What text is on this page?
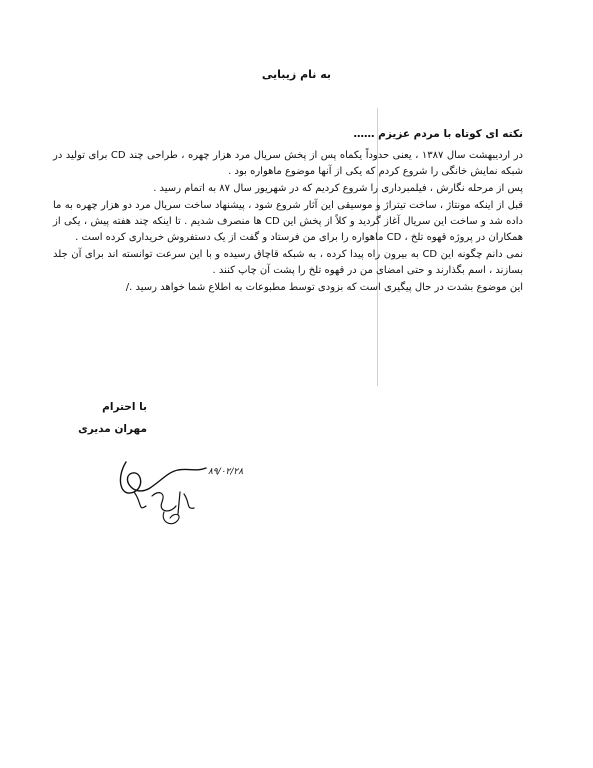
به نام زیبایی
نکته ای کوتاه با مردم عزیزم ……

در اردیبهشت سال ۱۳۸۷ ، یعنی حدوداً یکماه پس از پخش سریال مرد هزار چهره ، طراحی چند CD برای تولید در شبکه نمایش خانگی را شروع کردم که یکی از آنها موضوع ماهواره بود .

پس از مرحله نگارش ، فیلمبرداری را شروع کردیم که در شهریور سال ۸۷ به اتمام رسید .

قبل از اینکه مونتاژ ، ساخت تیتراژ و موسیقی این آثار شروع شود ، پیشنهاد ساخت سریال مرد دو هزار چهره به ما داده شد و ساخت این سریال آغاز گردید و کلاً از پخش این CD ها منصرف شدیم . تا اینکه چند هفته پیش ، یکی از همکاران در پروژه قهوه تلخ ، CD ماهواره را برای من فرستاد و گفت از یک دستفروش خریداری کرده است .

نمی دانم چگونه این CD به بیرون راه پیدا کرده ، به شبکه قاچاق رسیده و با این سرعت توانسته اند برای آن جلد بسازند ، اسم بگذارند و حتی امضای من در قهوه تلخ را پشت آن چاپ کنند .

این موضوع بشدت در حال پیگیری است که بزودی توسط مطبوعات به اطلاع شما خواهد رسید ./

با احترام
مهران مدیری
۸۹/۰۲/۲۸
